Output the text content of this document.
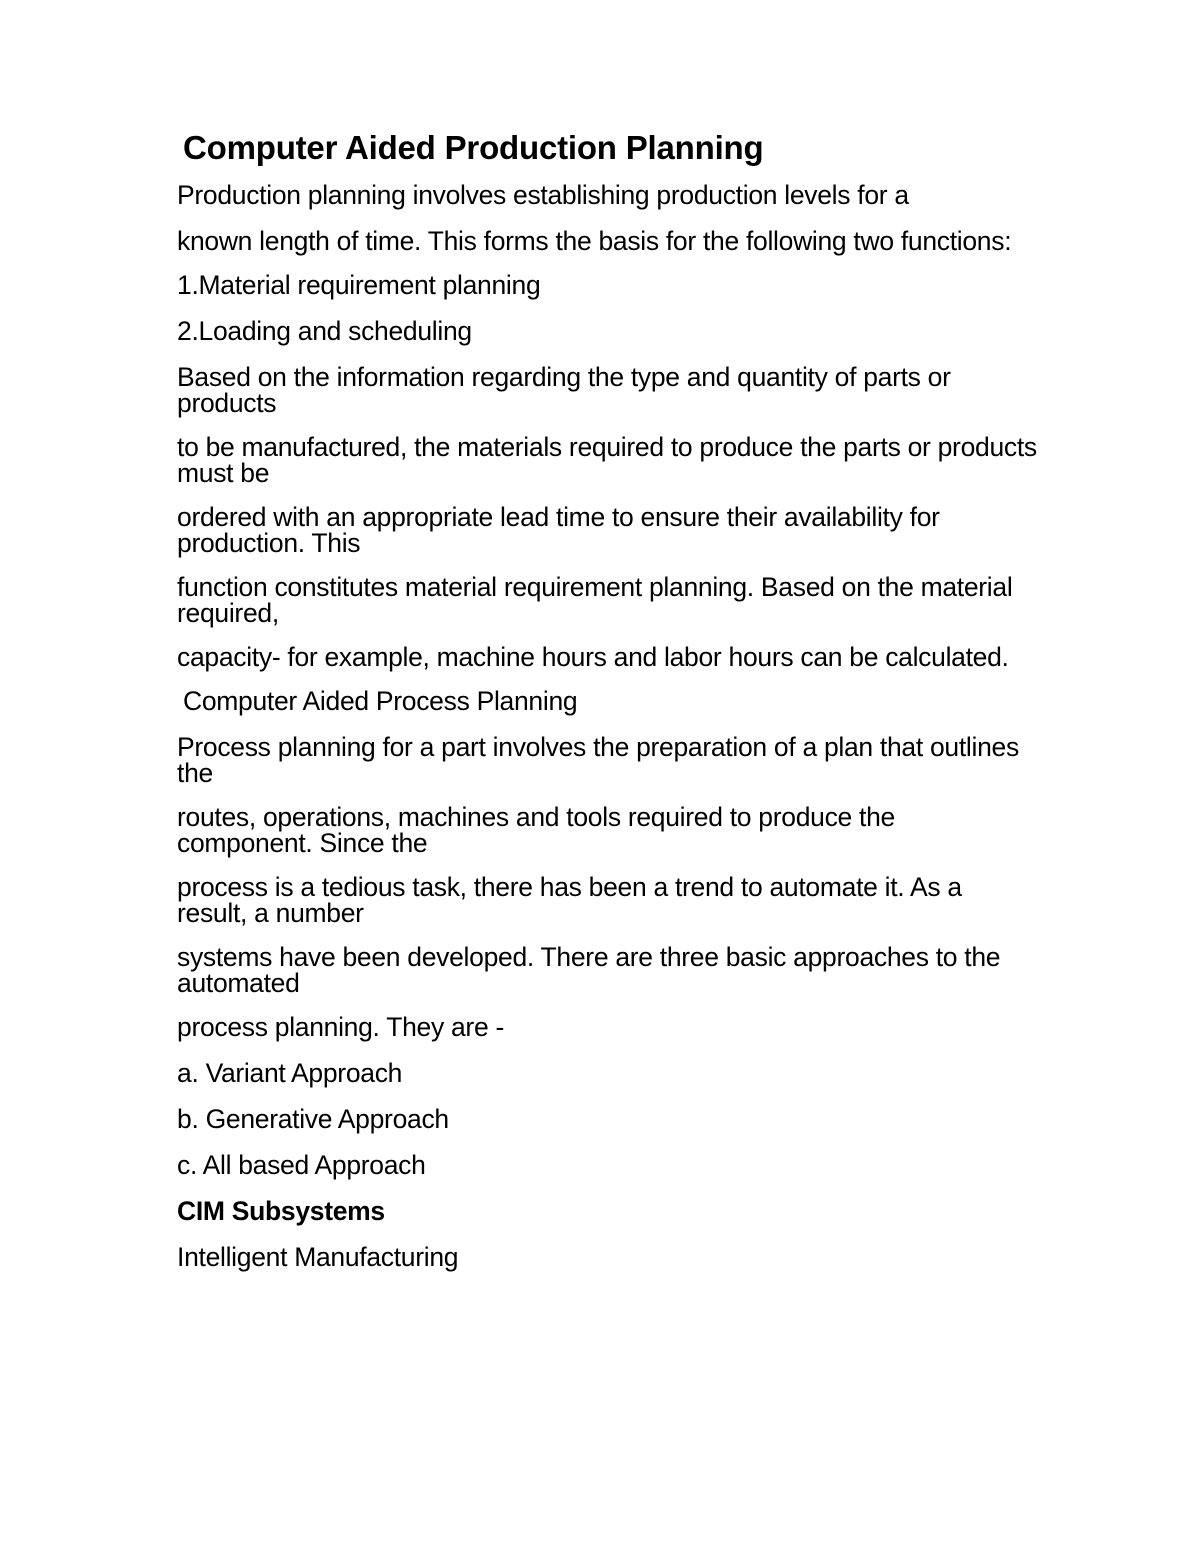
Computer Aided Production Planning

Production planning involves establishing production levels for a

known length of time. This forms the basis for the following two functions:

1.Material requirement planning

2.Loading and scheduling

Based on the information regarding the type and quantity of parts or products

to be manufactured, the materials required to produce the parts or products must be

ordered with an appropriate lead time to ensure their availability for production. This

function constitutes material requirement planning. Based on the material required,

capacity- for example, machine hours and labor hours can be calculated.

Computer Aided Process Planning

Process planning for a part involves the preparation of a plan that outlines the

routes, operations, machines and tools required to produce the component. Since the

process is a tedious task, there has been a trend to automate it. As a result, a number

systems have been developed. There are three basic approaches to the automated

process planning. They are -

a. Variant Approach

b. Generative Approach

c. All based Approach

CIM Subsystems

Intelligent Manufacturing
